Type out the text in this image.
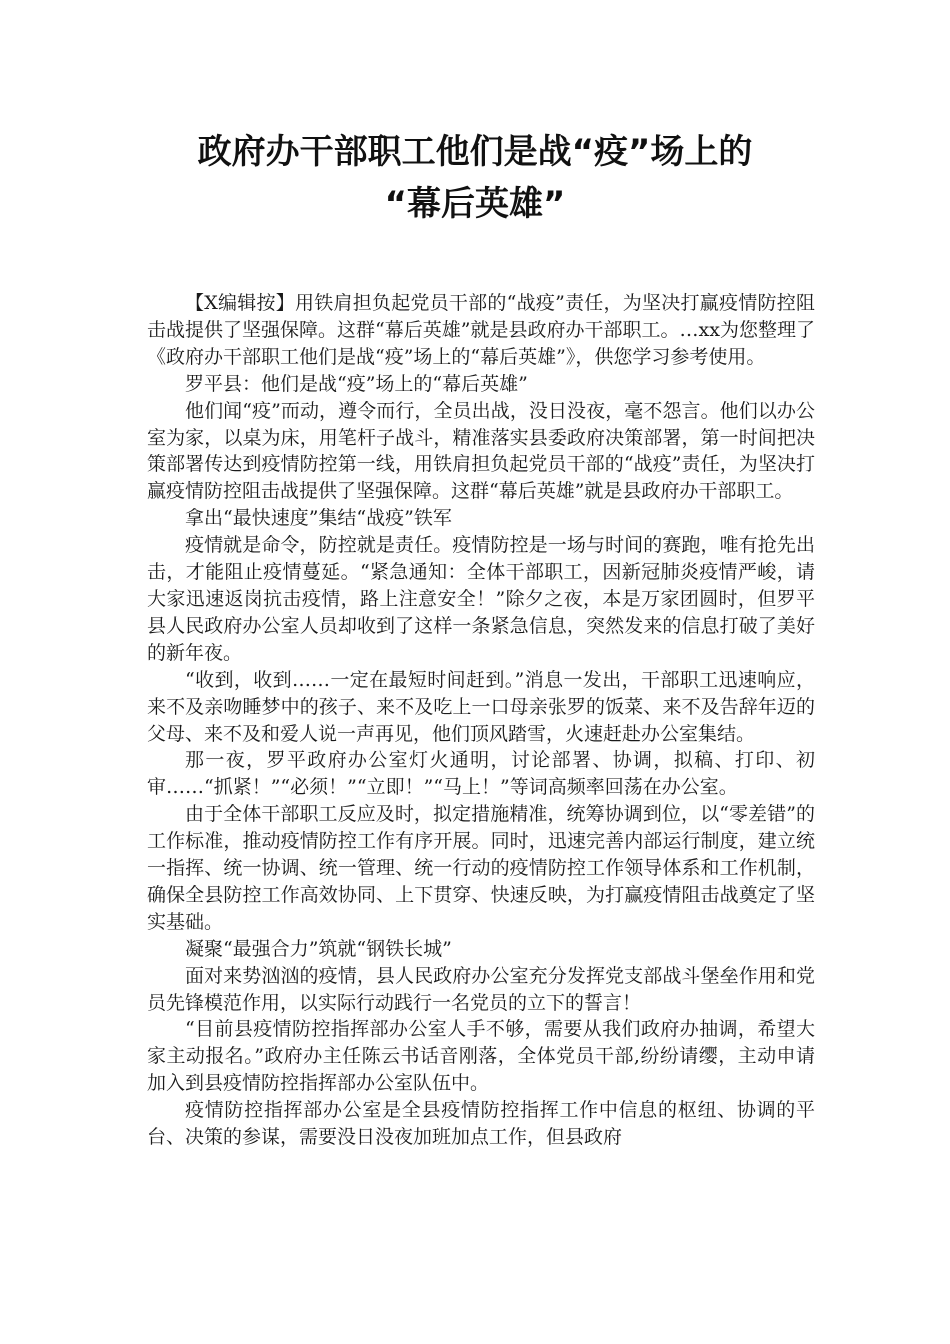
政府办干部职工他们是战“疫”场上的
“幕后英雄”

【X编辑按】用铁肩担负起党员干部的“战疫”责任，为坚决打赢疫情防控阻击战提供了坚强保障。这群“幕后英雄”就是县政府办干部职工。…xx为您整理了《政府办干部职工他们是战“疫”场上的“幕后英雄”》，供您学习参考使用。

罗平县：他们是战“疫”场上的“幕后英雄”

他们闻“疫”而动，遵令而行，全员出战，没日没夜，毫不怨言。他们以办公室为家，以桌为床，用笔杆子战斗，精准落实县委政府决策部署，第一时间把决策部署传达到疫情防控第一线，用铁肩担负起党员干部的“战疫”责任，为坚决打赢疫情防控阻击战提供了坚强保障。这群“幕后英雄”就是县政府办干部职工。

拿出“最快速度”集结“战疫”铁军

疫情就是命令，防控就是责任。疫情防控是一场与时间的赛跑，唯有抢先出击，才能阻止疫情蔓延。“紧急通知：全体干部职工，因新冠肺炎疫情严峻，请大家迅速返岗抗击疫情，路上注意安全！”除夕之夜，本是万家团圆时，但罗平县人民政府办公室人员却收到了这样一条紧急信息，突然发来的信息打破了美好的新年夜。

“收到，收到……一定在最短时间赶到。”消息一发出，干部职工迅速响应，来不及亲吻睡梦中的孩子、来不及吃上一口母亲张罗的饭菜、来不及告辞年迈的父母、来不及和爱人说一声再见，他们顶风踏雪，火速赶赴办公室集结。

那一夜，罗平政府办公室灯火通明，讨论部署、协调，拟稿、打印、初审……“抓紧！”“必须！”“立即！”“马上！”等词高频率回荡在办公室。

由于全体干部职工反应及时，拟定措施精准，统筹协调到位，以“零差错”的工作标准，推动疫情防控工作有序开展。同时，迅速完善内部运行制度，建立统一指挥、统一协调、统一管理、统一行动的疫情防控工作领导体系和工作机制，确保全县防控工作高效协同、上下贯穿、快速反映，为打赢疫情阻击战奠定了坚实基础。

凝聚“最强合力”筑就“钢铁长城”

面对来势汹汹的疫情，县人民政府办公室充分发挥党支部战斗堡垒作用和党员先锋模范作用，以实际行动践行一名党员的立下的誓言！

“目前县疫情防控指挥部办公室人手不够，需要从我们政府办抽调，希望大家主动报名。”政府办主任陈云书话音刚落，全体党员干部,纷纷请缨，主动申请加入到县疫情防控指挥部办公室队伍中。

疫情防控指挥部办公室是全县疫情防控指挥工作中信息的枢纽、协调的平台、决策的参谋，需要没日没夜加班加点工作，但县政府
